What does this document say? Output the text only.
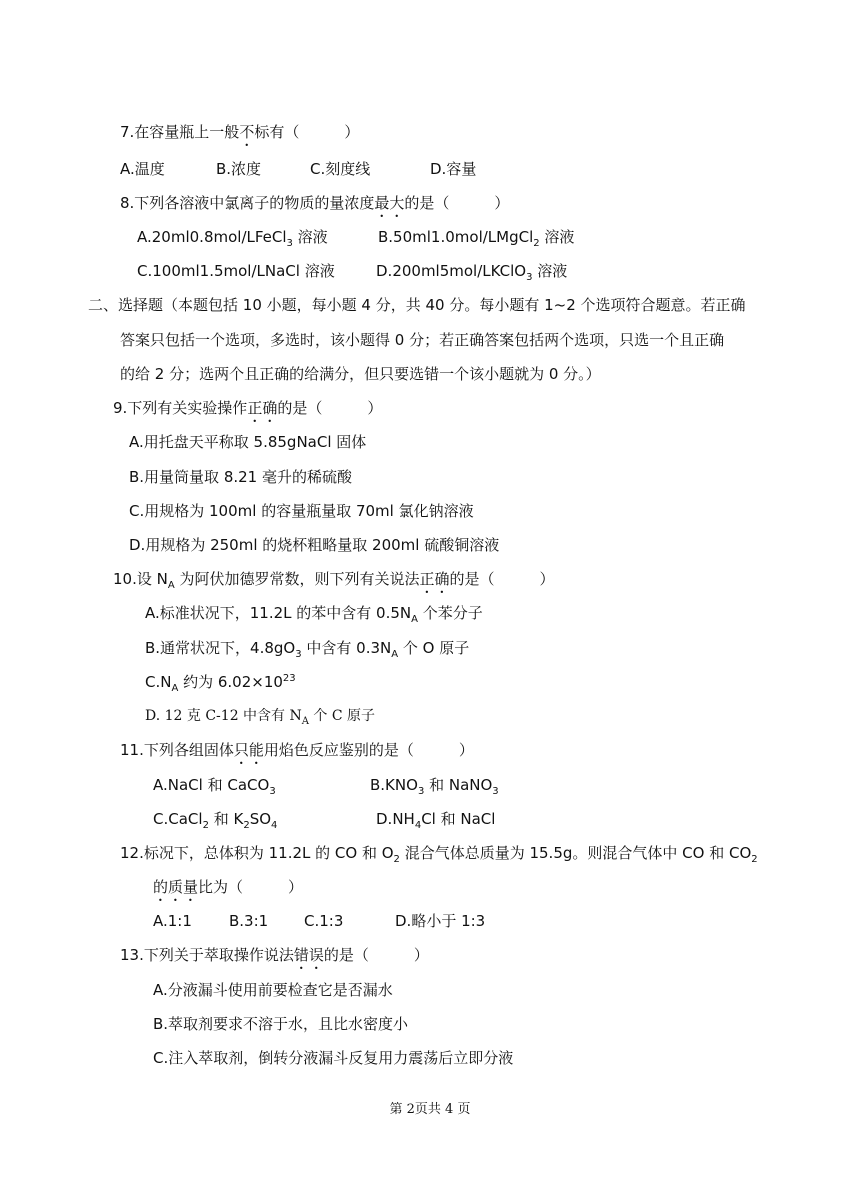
7.在容量瓶上一般不标有（　　　）
A.温度	B.浓度	C.刻度线	D.容量
8.下列各溶液中氯离子的物质的量浓度最大的是（　　　）
A.20ml0.8mol/LFeCl$_3$ 溶液	B.50ml1.0mol/LMgCl$_2$ 溶液
C.100ml1.5mol/LNaCl 溶液	D.200ml5mol/LKClO$_3$ 溶液
二、选择题（本题包括 10 小题，每小题 4 分，共 40 分。每小题有 1~2 个选项符合题意。若正确
答案只包括一个选项，多选时，该小题得 0 分；若正确答案包括两个选项，只选一个且正确
的给 2 分；选两个且正确的给满分，但只要选错一个该小题就为 0 分。）
9.下列有关实验操作正确的是（　　　）
A.用托盘天平称取 5.85gNaCl 固体
B.用量筒量取 8.21 毫升的稀硫酸
C.用规格为 100ml 的容量瓶量取 70ml 氯化钠溶液
D.用规格为 250ml 的烧杯粗略量取 200ml 硫酸铜溶液
10.设 $N_A$ 为阿伏加德罗常数，则下列有关说法正确的是（　　　）
A.标准状况下，11.2L 的苯中含有 $0.5N_A$ 个苯分子
B.通常状况下，$4.8gO_3$ 中含有 $0.3N_A$ 个 O 原子
$C.N_A$ 约为 $6.02\times 10^{23}$
D. 12 克 C-12 中含有 $N_A$ 个 C 原子
11.下列各组固体只能用焰色反应鉴别的是（　　　）
A.NaCl 和 CaCO$_3$	$B.KNO_3$ 和 NaNO$_3$
C.CaCl$_2$ 和 $K_2SO_4$	$D.NH_4Cl$ 和 NaCl
12.标况下，总体积为 11.2L 的 CO 和 $O_2$ 混合气体总质量为 15.5g。则混合气体中 CO 和 $CO_2$
的质量比为（　　　）
A.1:1 B.3:1 C.1:3	D.略小于 1:3
13.下列关于萃取操作说法错误的是（　　　）
A.分液漏斗使用前要检查它是否漏水
B.萃取剂要求不溶于水，且比水密度小
C.注入萃取剂，倒转分液漏斗反复用力震荡后立即分液
第 2页共 4 页
